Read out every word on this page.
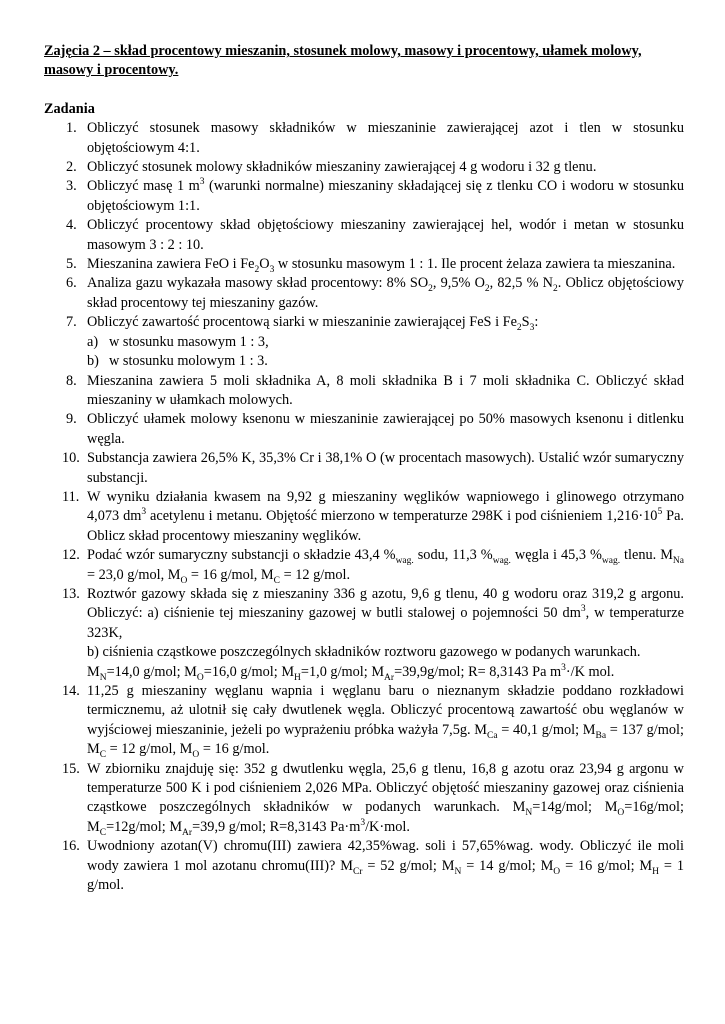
Zajęcia 2 – skład procentowy mieszanin, stosunek molowy, masowy i procentowy, ułamek molowy,
masowy i procentowy.

Zadania

1. Obliczyć stosunek masowy składników w mieszaninie zawierającej azot i tlen w stosunku objętościowym 4:1.
2. Obliczyć stosunek molowy składników mieszaniny zawierającej 4 g wodoru i 32 g tlenu.
3. Obliczyć masę 1 $m^3$ (warunki normalne) mieszaniny składającej się z tlenku CO i wodoru w stosunku objętościowym 1:1.
4. Obliczyć procentowy skład objętościowy mieszaniny zawierającej hel, wodór i metan w stosunku masowym 3 : 2 : 10.
5. Mieszanina zawiera FeO i $Fe_2O_3$ w stosunku masowym 1 : 1. Ile procent żelaza zawiera ta mieszanina.
6. Analiza gazu wykazała masowy skład procentowy: 8% $SO_2$, 9,5% $O_2$, 82,5 % $N_2$. Oblicz objętościowy skład procentowy tej mieszaniny gazów.
7. Obliczyć zawartość procentową siarki w mieszaninie zawierającej FeS i $Fe_2S_3$:
a) w stosunku masowym 1 : 3,
b) w stosunku molowym 1 : 3.
8. Mieszanina zawiera 5 moli składnika A, 8 moli składnika B i 7 moli składnika C. Obliczyć skład mieszaniny w ułamkach molowych.
9. Obliczyć ułamek molowy ksenonu w mieszaninie zawierającej po 50% masowych ksenonu i ditlenku węgla.
10. Substancja zawiera 26,5% K, 35,3% Cr i 38,1% O (w procentach masowych). Ustalić wzór sumaryczny substancji.
11. W wyniku działania kwasem na 9,92 g mieszaniny węglików wapniowego i glinowego otrzymano 4,073 $dm^3$ acetylenu i metanu. Objętość mierzono w temperaturze 298K i pod ciśnieniem $1,216\cdot 10^5$ Pa. Oblicz skład procentowy mieszaniny węglików.
12. Podać wzór sumaryczny substancji o składzie 43,4 $\%_{wag.}$ sodu, 11,3 $\%_{wag.}$ węgla i 45,3 $\%_{wag.}$ tlenu. $M_{Na} = 23,0$ g/mol, $M_O = 16$ g/mol, $M_C = 12$ g/mol.
13. Roztwór gazowy składa się z mieszaniny 336 g azotu, 9,6 g tlenu, 40 g wodoru oraz 319,2 g argonu. Obliczyć: a) ciśnienie tej mieszaniny gazowej w butli stalowej o pojemności 50 $dm^3$, w temperaturze 323K,
b) ciśnienia cząstkowe poszczególnych składników roztworu gazowego w podanych warunkach.
$M_N=14,0$ g/mol; $M_O=16,0$ g/mol; $M_H=1,0$ g/mol; $M_{Ar}=39,9g$/mol; R= 8,3143 Pa $m^3\cdot/K$ mol.
14. 11,25 g mieszaniny węglanu wapnia i węglanu baru o nieznanym składzie poddano rozkładowi termicznemu, aż ulotnił się cały dwutlenek węgla. Obliczyć procentową zawartość obu węglanów w wyjściowej mieszaninie, jeżeli po wyprażeniu próbka ważyła 7,5g. $M_{Ca} = 40,1$ g/mol; $M_{Ba} = 137$ g/mol; $M_C = 12$ g/mol, $M_O = 16$ g/mol.
15. W zbiorniku znajduję się: 352 g dwutlenku węgla, 25,6 g tlenu, 16,8 g azotu oraz 23,94 g argonu w temperaturze 500 K i pod ciśnieniem 2,026 MPa. Obliczyć objętość mieszaniny gazowej oraz ciśnienia cząstkowe poszczególnych składników w podanych warunkach. $M_N=14g$/mol; $M_O=16g$/mol; $M_C=12g$/mol; $M_{Ar}=39,9$ g/mol; R=8,3143 $Pa\cdot m^3/K\cdot mol$.
16. Uwodniony azotan(V) chromu(III) zawiera 42,35%wag. soli i 57,65%wag. wody. Obliczyć ile moli wody zawiera 1 mol azotanu chromu(III)? $M_{Cr} = 52$ g/mol; $M_N = 14$ g/mol; $M_O = 16$ g/mol; $M_H = 1$ g/mol.
